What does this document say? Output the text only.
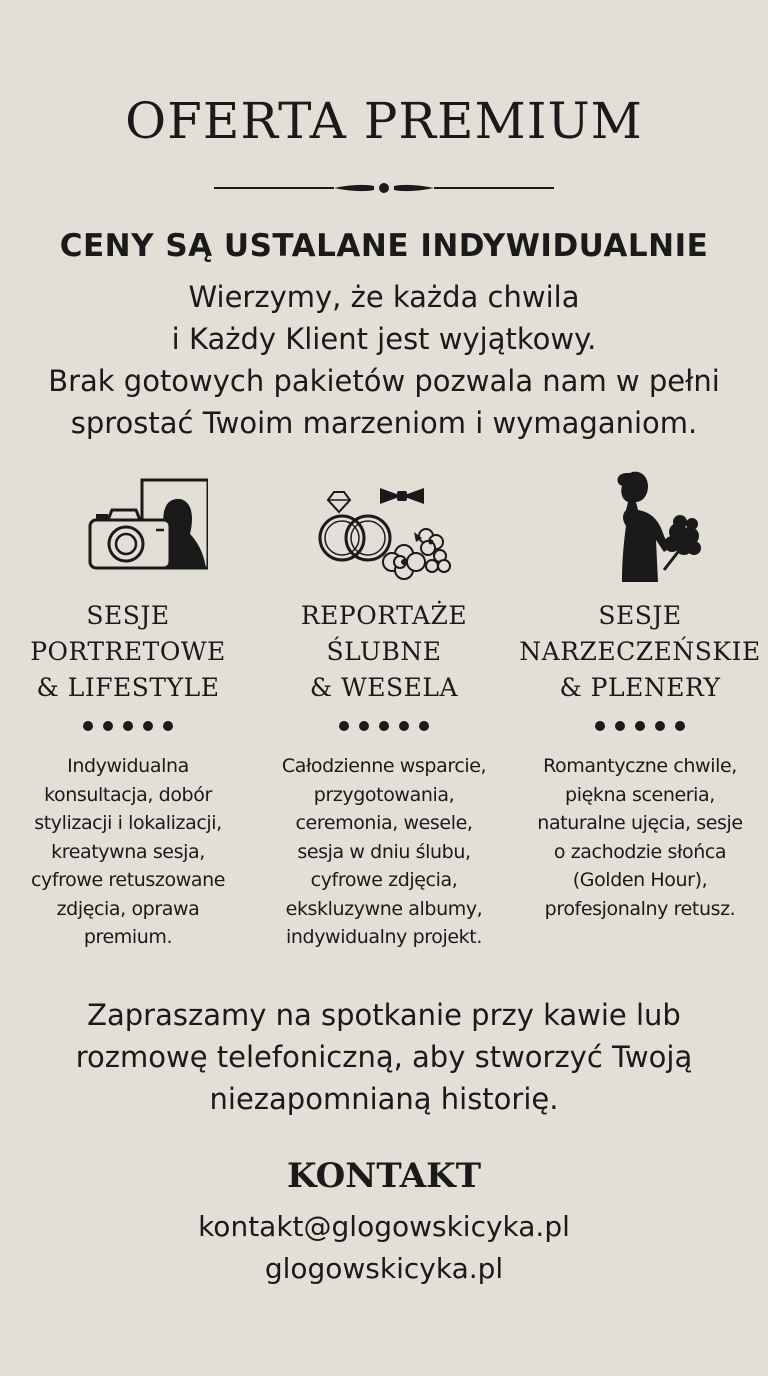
OFERTA PREMIUM
CENY SĄ USTALANE INDYWIDUALNIE

Wierzymy, że każda chwila
i Każdy Klient jest wyjątkowy.
Brak gotowych pakietów pozwala nam w pełni
sprostać Twoim marzeniom i wymaganiom.

SESJE
PORTRETOWE
& LIFESTYLE
Indywidualna
konsultacja, dobór
stylizacji i lokalizacji,
kreatywna sesja,
cyfrowe retuszowane
zdjęcia, oprawa
premium.
REPORTAŻE
ŚLUBNE
& WESELA
Całodzienne wsparcie,
przygotowania,
ceremonia, wesele,
sesja w dniu ślubu,
cyfrowe zdjęcia,
ekskluzywne albumy,
indywidualny projekt.
SESJE
NARZECZEŃSKIE
& PLENERY
Romantyczne chwile,
piękna sceneria,
naturalne ujęcia, sesje
o zachodzie słońca
(Golden Hour),
profesjonalny retusz.

Zapraszamy na spotkanie przy kawie lub
rozmowę telefoniczną, aby stworzyć Twoją
niezapomnianą historię.

KONTAKT
kontakt@glogowskicyka.pl
glogowskicyka.pl
